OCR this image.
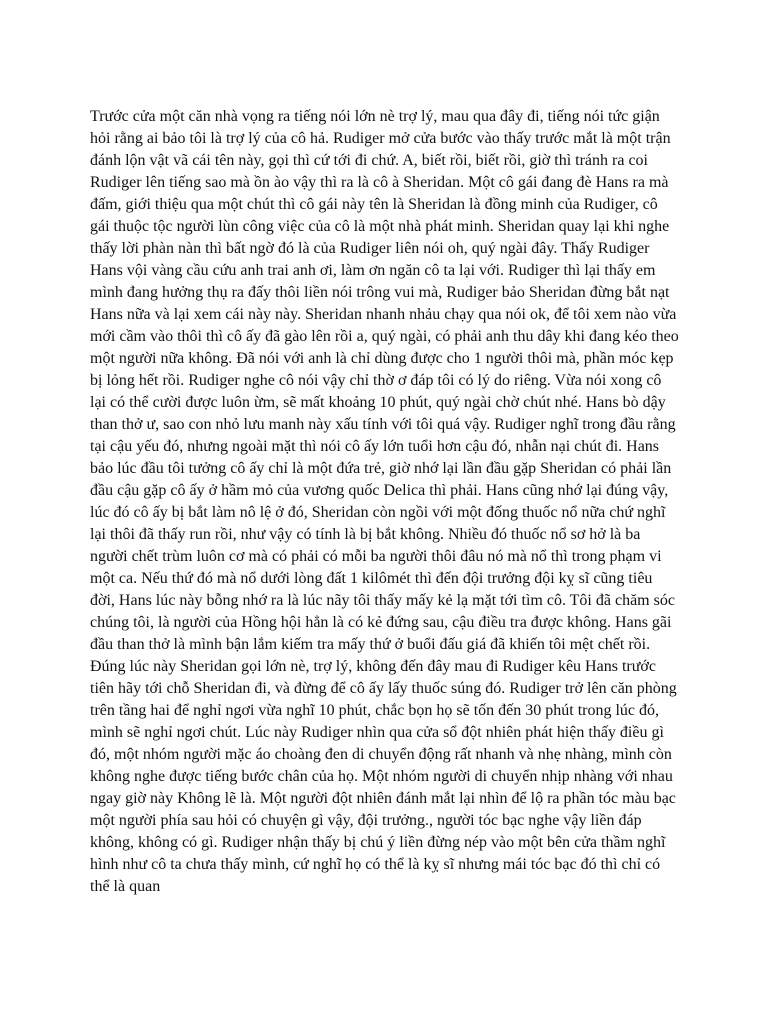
Trước cửa một căn nhà vọng ra tiếng nói lớn nè trợ lý, mau qua đây đi, tiếng nói tức giận hỏi rằng ai bảo tôi là trợ lý của cô hả. Rudiger mở cửa bước vào thấy trước mắt là một trận đánh lộn vật vã cái tên này, gọi thì cứ tới đi chứ. A, biết rồi, biết rồi, giờ thì tránh ra coi Rudiger lên tiếng sao mà ồn ào vậy thì ra là cô à Sheridan. Một cô gái đang đè Hans ra mà đấm, giới thiệu qua một chút thì cô gái này tên là Sheridan là đồng minh của Rudiger, cô gái thuộc tộc người lùn công việc của cô là một nhà phát minh. Sheridan quay lại khi nghe thấy lời phàn nàn thì bất ngờ đó là của Rudiger liên nói oh, quý ngài đây. Thấy Rudiger Hans vội vàng cầu cứu anh trai anh ơi, làm ơn ngăn cô ta lại với. Rudiger thì lại thấy em mình đang hưởng thụ ra đấy thôi liền nói trông vui mà, Rudiger bảo Sheridan đừng bắt nạt Hans nữa và lại xem cái này này. Sheridan nhanh nhảu chạy qua nói ok, để tôi xem nào vừa mới cầm vào thôi thì cô ấy đã gào lên rồi a, quý ngài, có phải anh thu dây khi đang kéo theo một người nữa không. Đã nói với anh là chỉ dùng được cho 1 người thôi mà, phần móc kẹp bị lỏng hết rồi. Rudiger nghe cô nói vậy chỉ thờ ơ đáp tôi có lý do riêng. Vừa nói xong cô lại có thể cười được luôn ừm, sẽ mất khoảng 10 phút, quý ngài chờ chút nhé. Hans bò dậy than thở ư, sao con nhỏ lưu manh này xấu tính với tôi quá vậy. Rudiger nghĩ trong đầu rằng tại cậu yếu đó, nhưng ngoài mặt thì nói cô ấy lớn tuổi hơn cậu đó, nhẫn nại chút đi. Hans bảo lúc đầu tôi tưởng cô ấy chỉ là một đứa trẻ, giờ nhớ lại lần đầu gặp Sheridan có phải lần đầu cậu gặp cô ấy ở hầm mỏ của vương quốc Delica thì phải. Hans cũng nhớ lại đúng vậy, lúc đó cô ấy bị bắt làm nô lệ ở đó, Sheridan còn ngồi với một đống thuốc nổ nữa chứ nghĩ lại thôi đã thấy run rồi, như vậy có tính là bị bắt không. Nhiều đó thuốc nổ sơ hở là ba người chết trùm luôn cơ mà có phải có mỗi ba người thôi đâu nó mà nổ thì trong phạm vi một ca. Nếu thứ đó mà nổ dưới lòng đất 1 kilômét thì đến đội trưởng đội kỵ sĩ cũng tiêu đời, Hans lúc này bỗng nhớ ra là lúc nãy tôi thấy mấy kẻ lạ mặt tới tìm cô. Tôi đã chăm sóc chúng tôi, là người của Hồng hội hẳn là có kẻ đứng sau, cậu điều tra được không. Hans gãi đầu than thở là mình bận lắm kiếm tra mấy thứ ở buổi đấu giá đã khiến tôi mệt chết rồi. Đúng lúc này Sheridan gọi lớn nè, trợ lý, không đến đây mau đi Rudiger kêu Hans trước tiên hãy tới chỗ Sheridan đi, và đừng để cô ấy lấy thuốc súng đó. Rudiger trở lên căn phòng trên tầng hai để nghỉ ngơi vừa nghĩ 10 phút, chắc bọn họ sẽ tốn đến 30 phút trong lúc đó, mình sẽ nghỉ ngơi chút. Lúc này Rudiger nhìn qua cửa sổ đột nhiên phát hiện thấy điều gì đó, một nhóm người mặc áo choàng đen di chuyển động rất nhanh và nhẹ nhàng, mình còn không nghe được tiếng bước chân của họ. Một nhóm người di chuyển nhịp nhàng với nhau ngay giờ này Không lẽ là. Một người đột nhiên đánh mắt lại nhìn để lộ ra phần tóc màu bạc một người phía sau hỏi có chuyện gì vậy, đội trưởng., người tóc bạc nghe vậy liền đáp không, không có gì. Rudiger nhận thấy bị chú ý liền đừng nép vào một bên cửa thầm nghĩ hình như cô ta chưa thấy mình, cứ nghĩ họ có thể là kỵ sĩ nhưng mái tóc bạc đó thì chỉ có thể là quan
